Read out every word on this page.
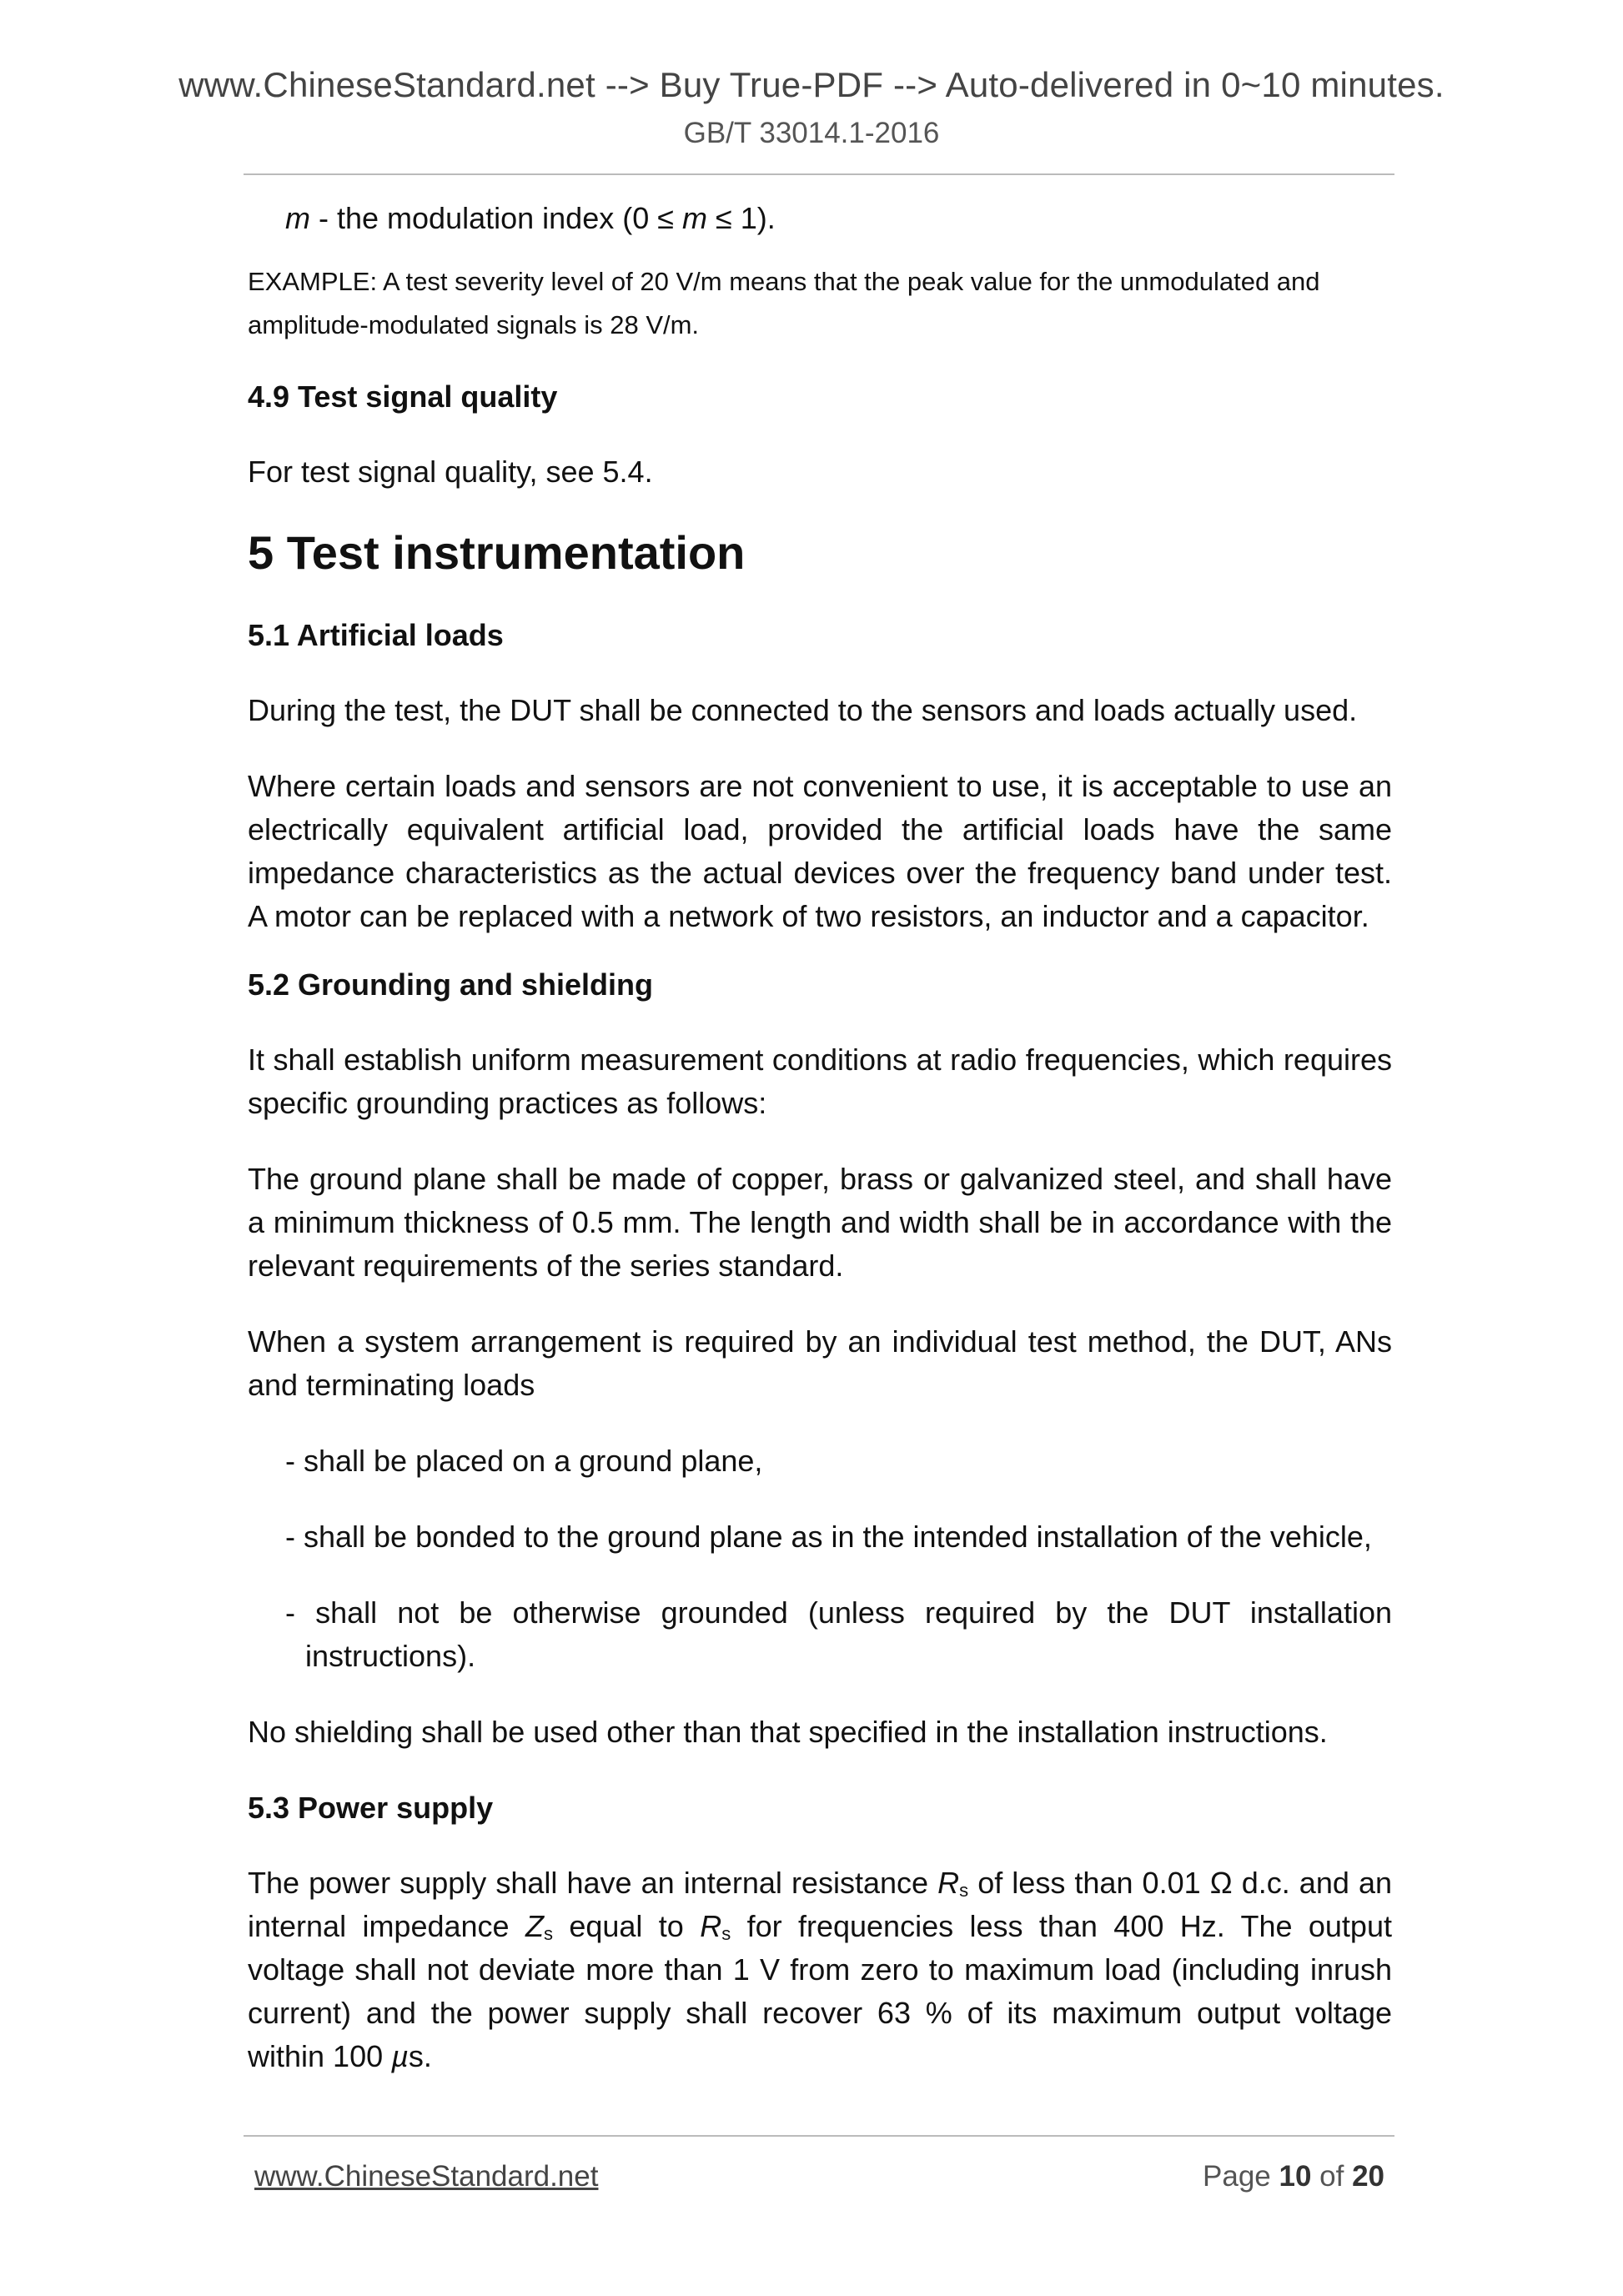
www.ChineseStandard.net --> Buy True-PDF --> Auto-delivered in 0~10 minutes.
GB/T 33014.1-2016

m - the modulation index (0 ≤ m ≤ 1).

EXAMPLE: A test severity level of 20 V/m means that the peak value for the unmodulated and amplitude-modulated signals is 28 V/m.

4.9 Test signal quality

For test signal quality, see 5.4.

5 Test instrumentation

5.1 Artificial loads

During the test, the DUT shall be connected to the sensors and loads actually used.

Where certain loads and sensors are not convenient to use, it is acceptable to use an electrically equivalent artificial load, provided the artificial loads have the same impedance characteristics as the actual devices over the frequency band under test. A motor can be replaced with a network of two resistors, an inductor and a capacitor.

5.2 Grounding and shielding

It shall establish uniform measurement conditions at radio frequencies, which requires specific grounding practices as follows:

The ground plane shall be made of copper, brass or galvanized steel, and shall have a minimum thickness of 0.5 mm. The length and width shall be in accordance with the relevant requirements of the series standard.

When a system arrangement is required by an individual test method, the DUT, ANs and terminating loads

- shall be placed on a ground plane,

- shall be bonded to the ground plane as in the intended installation of the vehicle,

- shall not be otherwise grounded (unless required by the DUT installation instructions).

No shielding shall be used other than that specified in the installation instructions.

5.3 Power supply

The power supply shall have an internal resistance $R_s$ of less than 0.01 Ω d.c. and an internal impedance $Z_s$ equal to $R_s$ for frequencies less than 400 Hz. The output voltage shall not deviate more than 1 V from zero to maximum load (including inrush current) and the power supply shall recover 63 % of its maximum output voltage within 100 µs.

www.ChineseStandard.net	Page 10 of 20
